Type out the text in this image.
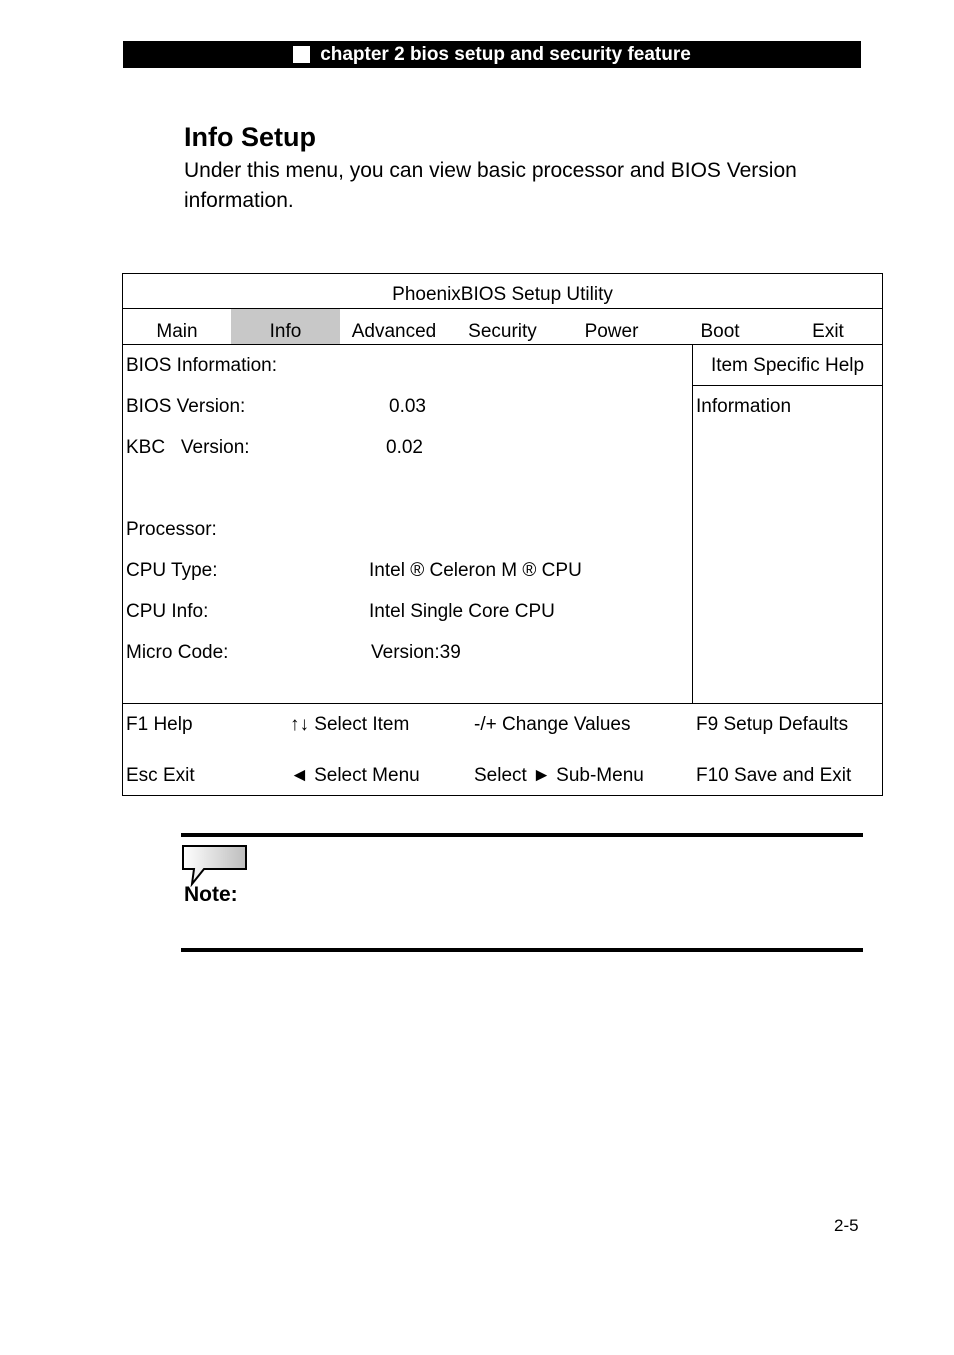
chapter 2 bios setup and security feature
Info Setup
Under this menu, you can view basic processor and BIOS Version information.
PhoenixBIOS Setup Utility
Main	Info	Advanced	Security	Power	Boot	Exit
BIOS Information:
BIOS Version:	0.03
KBC   Version:	0.02
Processor:
CPU Type:	Intel ® Celeron M ® CPU
CPU Info:	Intel Single Core CPU
Micro Code:	Version:39
Item Specific Help
Information
F1 Help	↑↓ Select Item	-/+ Change Values	F9 Setup Defaults
Esc Exit	◄ Select Menu	Select ► Sub-Menu	F10 Save and Exit
Note:
2-5
